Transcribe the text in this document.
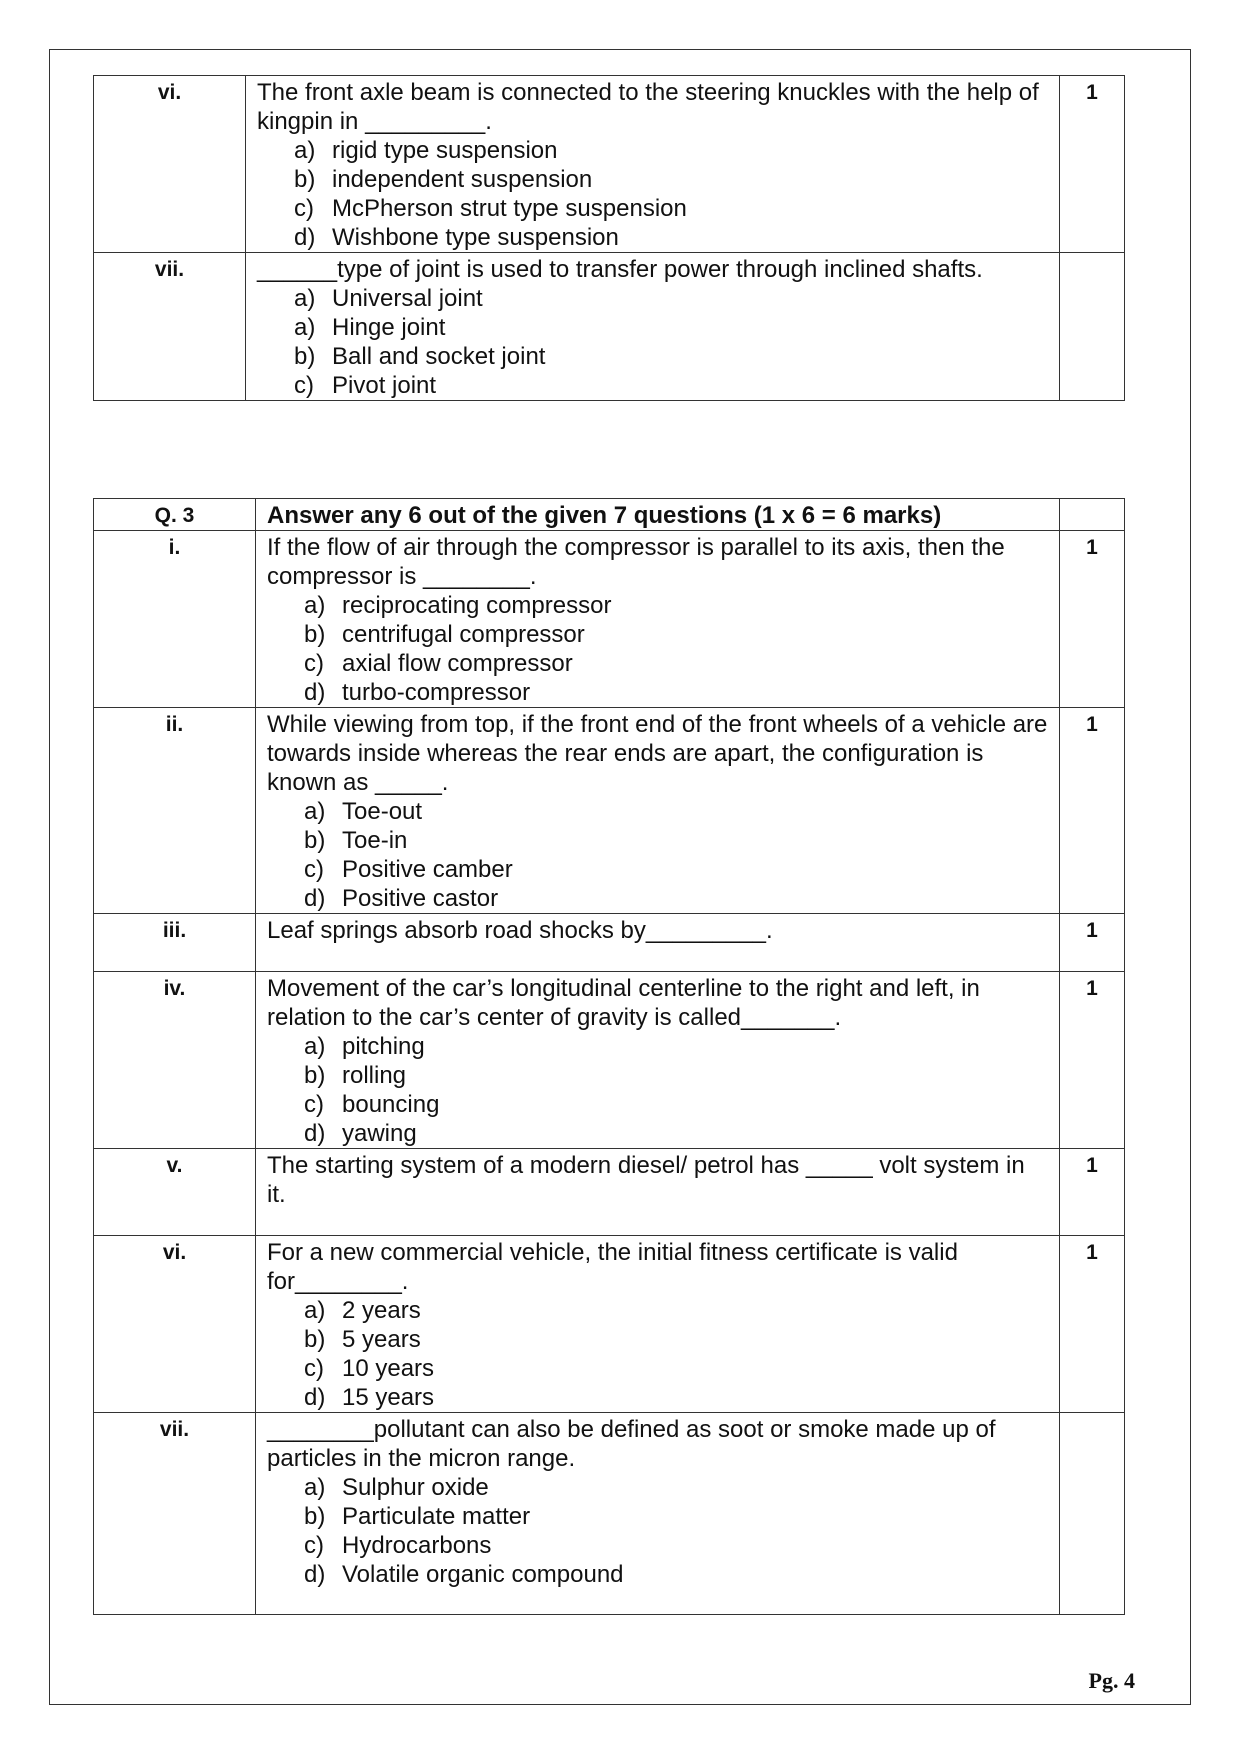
vi.	The front axle beam is connected to the steering knuckles with the help of kingpin in _________.
a) rigid type suspension
b) independent suspension
c) McPherson strut type suspension
d) Wishbone type suspension	1
vii.	______type of joint is used to transfer power through inclined shafts.
a) Universal joint
a) Hinge joint
b) Ball and socket joint
c) Pivot joint	

Q. 3	Answer any 6 out of the given 7 questions (1 x 6 = 6 marks)	
i.	If the flow of air through the compressor is parallel to its axis, then the compressor is ________.
a) reciprocating compressor
b) centrifugal compressor
c) axial flow compressor
d) turbo-compressor	1
ii.	While viewing from top, if the front end of the front wheels of a vehicle are towards inside whereas the rear ends are apart, the configuration is known as _____.
a) Toe-out
b) Toe-in
c) Positive camber
d) Positive castor	1
iii.	Leaf springs absorb road shocks by_________.	1
iv.	Movement of the car’s longitudinal centerline to the right and left, in relation to the car’s center of gravity is called_______.
a) pitching
b) rolling
c) bouncing
d) yawing	1
v.	The starting system of a modern diesel/ petrol has _____ volt system in it.	1
vi.	For a new commercial vehicle, the initial fitness certificate is valid for________.
a) 2 years
b) 5 years
c) 10 years
d) 15 years	1
vii.	________pollutant can also be defined as soot or smoke made up of particles in the micron range.
a) Sulphur oxide
b) Particulate matter
c) Hydrocarbons
d) Volatile organic compound	

Pg. 4
